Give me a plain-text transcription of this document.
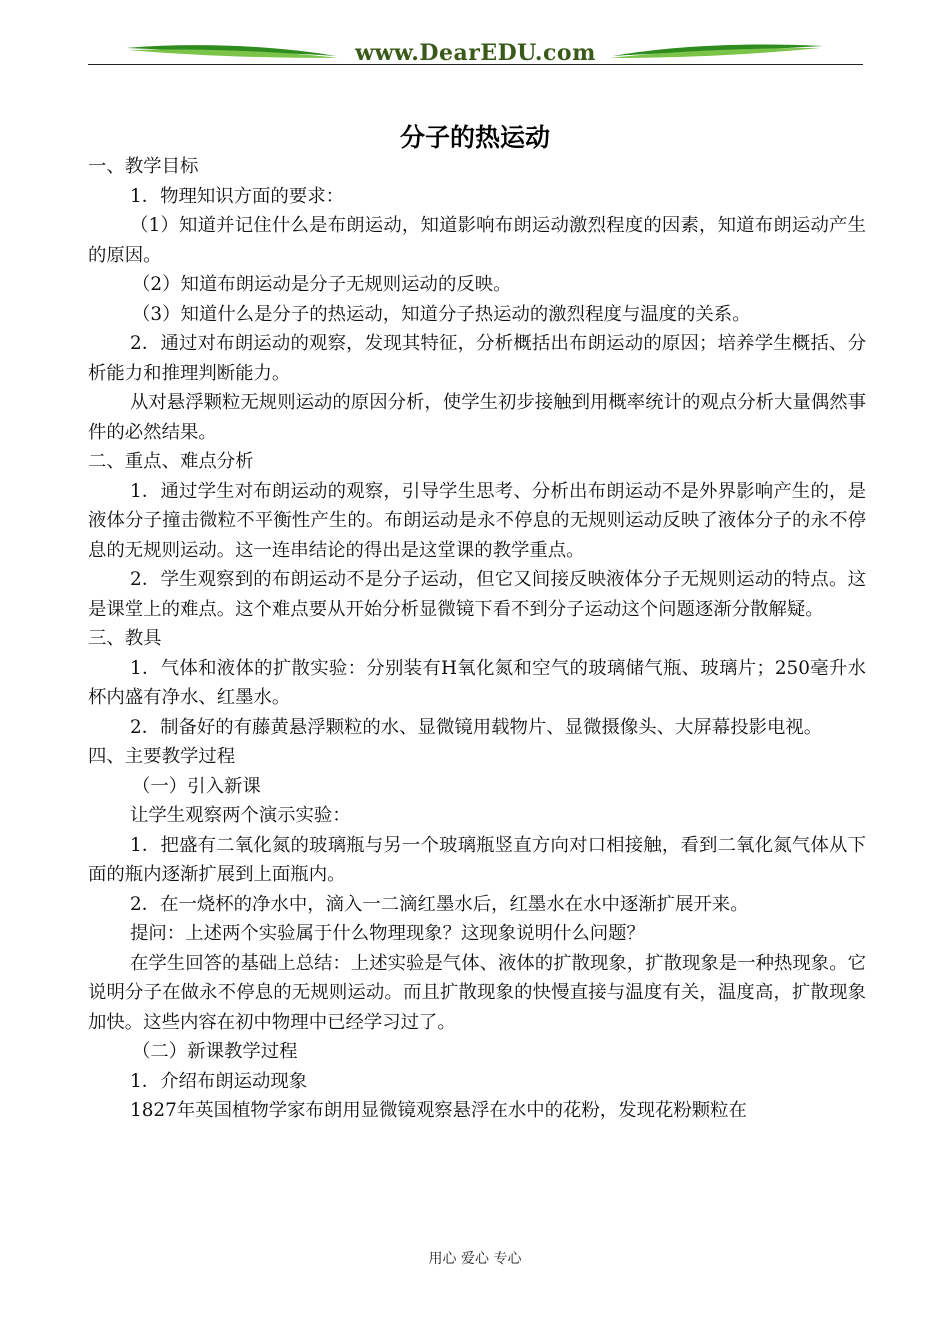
www.DearEDU.com
分子的热运动

一、教学目标

1．物理知识方面的要求：

（1）知道并记住什么是布朗运动，知道影响布朗运动激烈程度的因素，知道布朗运动产生的原因。

（2）知道布朗运动是分子无规则运动的反映。

（3）知道什么是分子的热运动，知道分子热运动的激烈程度与温度的关系。

2．通过对布朗运动的观察，发现其特征，分析概括出布朗运动的原因；培养学生概括、分析能力和推理判断能力。

从对悬浮颗粒无规则运动的原因分析，使学生初步接触到用概率统计的观点分析大量偶然事件的必然结果。

二、重点、难点分析

1．通过学生对布朗运动的观察，引导学生思考、分析出布朗运动不是外界影响产生的，是液体分子撞击微粒不平衡性产生的。布朗运动是永不停息的无规则运动反映了液体分子的永不停息的无规则运动。这一连串结论的得出是这堂课的教学重点。

2．学生观察到的布朗运动不是分子运动，但它又间接反映液体分子无规则运动的特点。这是课堂上的难点。这个难点要从开始分析显微镜下看不到分子运动这个问题逐渐分散解疑。

三、教具

1．气体和液体的扩散实验：分别装有H氧化氮和空气的玻璃储气瓶、玻璃片；250毫升水杯内盛有净水、红墨水。

2．制备好的有藤黄悬浮颗粒的水、显微镜用载物片、显微摄像头、大屏幕投影电视。

四、主要教学过程

（一）引入新课

让学生观察两个演示实验：

1．把盛有二氧化氮的玻璃瓶与另一个玻璃瓶竖直方向对口相接触，看到二氧化氮气体从下面的瓶内逐渐扩展到上面瓶内。

2．在一烧杯的净水中，滴入一二滴红墨水后，红墨水在水中逐渐扩展开来。

提问：上述两个实验属于什么物理现象？这现象说明什么问题？

在学生回答的基础上总结：上述实验是气体、液体的扩散现象，扩散现象是一种热现象。它说明分子在做永不停息的无规则运动。而且扩散现象的快慢直接与温度有关，温度高，扩散现象加快。这些内容在初中物理中已经学习过了。

（二）新课教学过程

1．介绍布朗运动现象

1827年英国植物学家布朗用显微镜观察悬浮在水中的花粉，发现花粉颗粒在

用心 爱心 专心
